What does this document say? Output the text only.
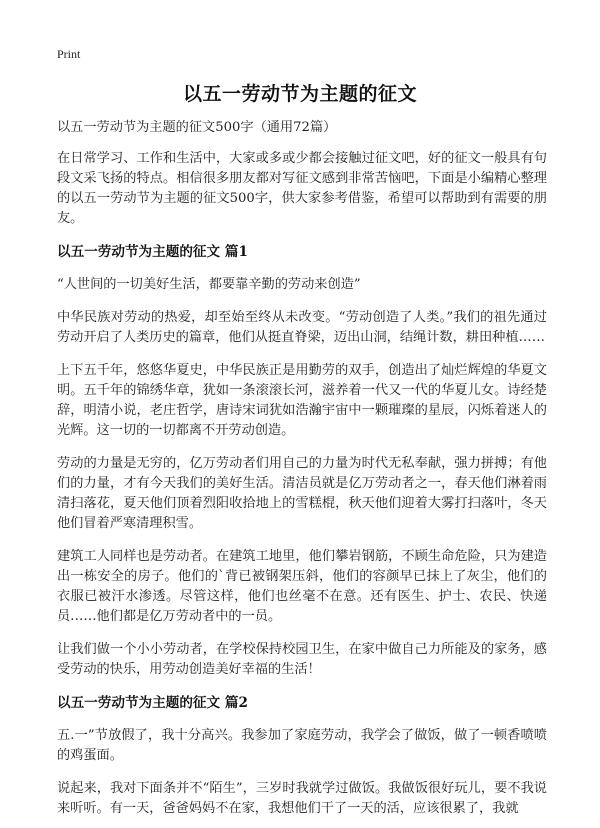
Print
以五一劳动节为主题的征文

以五一劳动节为主题的征文500字（通用72篇）

在日常学习、工作和生活中，大家或多或少都会接触过征文吧，好的征文一般具有句段文采飞扬的特点。相信很多朋友都对写征文感到非常苦恼吧，下面是小编精心整理的以五一劳动节为主题的征文500字，供大家参考借鉴，希望可以帮助到有需要的朋友。

以五一劳动节为主题的征文 篇1

“人世间的一切美好生活，都要靠辛勤的劳动来创造”

中华民族对劳动的热爱，却至始至终从未改变。“劳动创造了人类。”我们的祖先通过劳动开启了人类历史的篇章，他们从挺直脊梁，迈出山洞，结绳计数，耕田种植……

上下五千年，悠悠华夏史，中华民族正是用勤劳的双手，创造出了灿烂辉煌的华夏文明。五千年的锦绣华章，犹如一条滚滚长河，滋养着一代又一代的华夏儿女。诗经楚辞，明清小说，老庄哲学，唐诗宋词犹如浩瀚宇宙中一颗璀璨的星辰，闪烁着迷人的光辉。这一切的一切都离不开劳动创造。

劳动的力量是无穷的，亿万劳动者们用自己的力量为时代无私奉献，强力拼搏；有他们的力量，才有今天我们的美好生活。清洁员就是亿万劳动者之一，春天他们淋着雨清扫落花，夏天他们顶着烈阳收拾地上的雪糕棍，秋天他们迎着大雾打扫落叶，冬天他们冒着严寒清理积雪。

建筑工人同样也是劳动者。在建筑工地里，他们攀岩钢筋，不顾生命危险，只为建造出一栋安全的房子。他们的`背已被钢架压斜，他们的容颜早已抹上了灰尘，他们的衣服已被汗水渗透。尽管这样，他们也丝毫不在意。还有医生、护士、农民、快递员……他们都是亿万劳动者中的一员。

让我们做一个小小劳动者，在学校保持校园卫生，在家中做自己力所能及的家务，感受劳动的快乐，用劳动创造美好幸福的生活！

以五一劳动节为主题的征文 篇2

五.一”节放假了，我十分高兴。我参加了家庭劳动，我学会了做饭，做了一顿香喷喷的鸡蛋面。

说起来，我对下面条并不“陌生”，三岁时我就学过做饭。我做饭很好玩儿，要不我说来听听。有一天，爸爸妈妈不在家，我想他们干了一天的活，应该很累了，我就
